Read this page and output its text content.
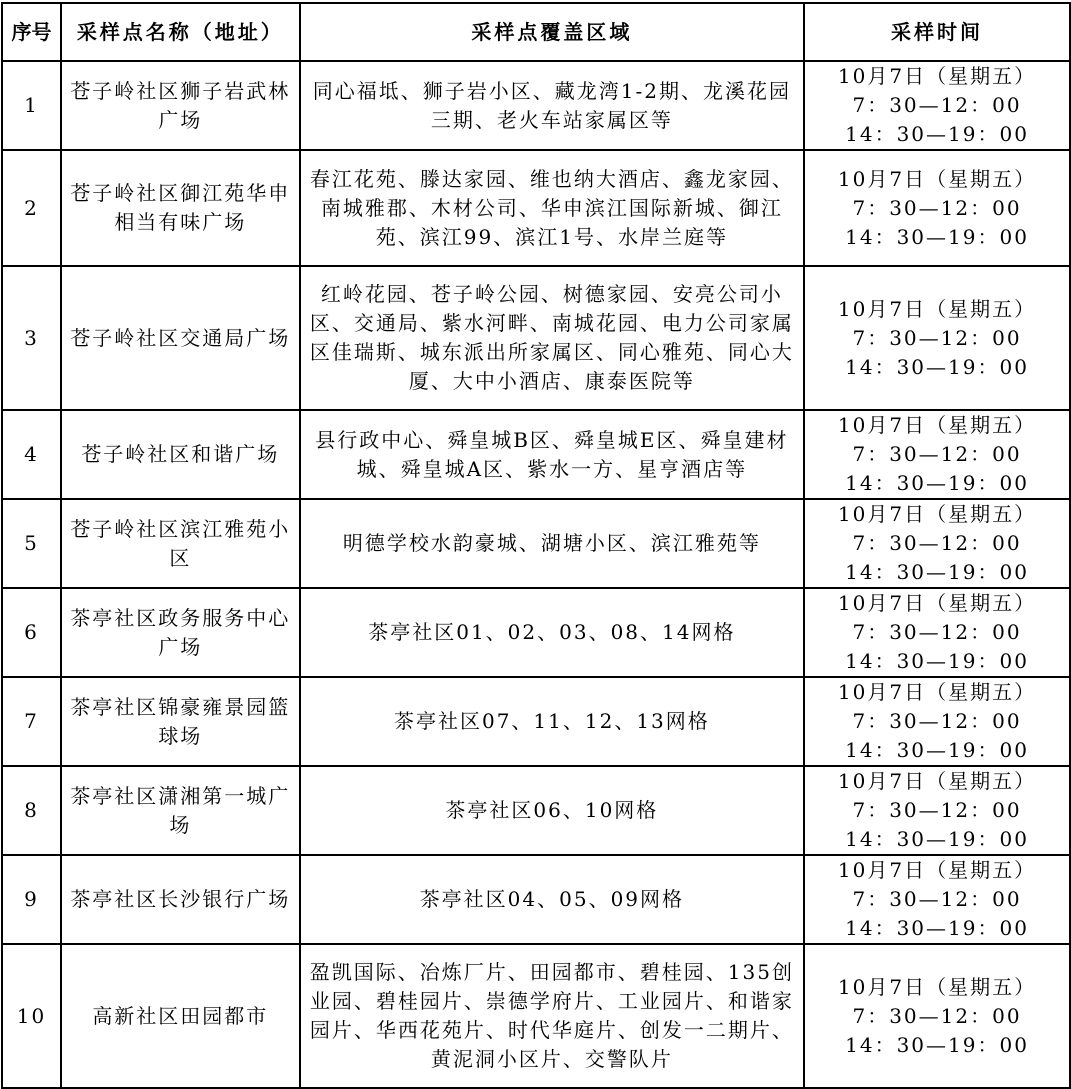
序号	采样点名称（地址）	采样点覆盖区域	采样时间
1	苍子岭社区狮子岩武林广场	同心福坻、狮子岩小区、藏龙湾1-2期、龙溪花园三期、老火车站家属区等	10月7日（星期五）
7：30—12：00
14：30—19：00

2	苍子岭社区御江苑华申相当有味广场	春江花苑、滕达家园、维也纳大酒店、鑫龙家园、南城雅郡、木材公司、华申滨江国际新城、御江苑、滨江99、滨江1号、水岸兰庭等	10月7日（星期五）
7：30—12：00
14：30—19：00

3	苍子岭社区交通局广场	红岭花园、苍子岭公园、树德家园、安亮公司小区、交通局、紫水河畔、南城花园、电力公司家属区佳瑞斯、城东派出所家属区、同心雅苑、同心大厦、大中小酒店、康泰医院等	10月7日（星期五）
7：30—12：00
14：30—19：00

4	苍子岭社区和谐广场	县行政中心、舜皇城B区、舜皇城E区、舜皇建材城、舜皇城A区、紫水一方、星亨酒店等	10月7日（星期五）
7：30—12：00
14：30—19：00

5	苍子岭社区滨江雅苑小区	明德学校水韵豪城、湖塘小区、滨江雅苑等	10月7日（星期五）
7：30—12：00
14：30—19：00

6	茶亭社区政务服务中心广场	茶亭社区01、02、03、08、14网格	10月7日（星期五）
7：30—12：00
14：30—19：00

7	茶亭社区锦豪雍景园篮球场	茶亭社区07、11、12、13网格	10月7日（星期五）
7：30—12：00
14：30—19：00

8	茶亭社区潇湘第一城广场	茶亭社区06、10网格	10月7日（星期五）
7：30—12：00
14：30—19：00

9	茶亭社区长沙银行广场	茶亭社区04、05、09网格	10月7日（星期五）
7：30—12：00
14：30—19：00

10	高新社区田园都市	盈凯国际、冶炼厂片、田园都市、碧桂园、135创业园、碧桂园片、崇德学府片、工业园片、和谐家园片、华西花苑片、时代华庭片、创发一二期片、黄泥洞小区片、交警队片	10月7日（星期五）
7：30—12：00
14：30—19：00
